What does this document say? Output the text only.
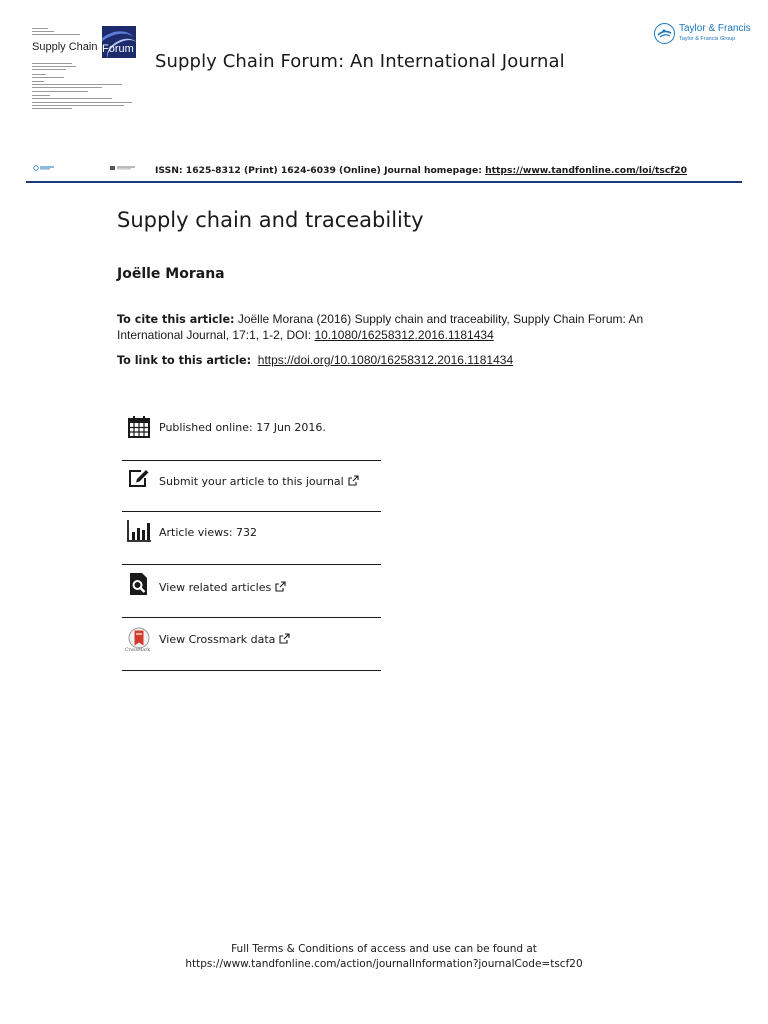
Supply Chain Forum
Supply Chain Forum: An International Journal
Taylor & Francis
Taylor & Francis Group
ISSN: 1625-8312 (Print) 1624-6039 (Online) Journal homepage: https://www.tandfonline.com/loi/tscf20
Supply chain and traceability
Joëlle Morana
To cite this article: Joëlle Morana (2016) Supply chain and traceability, Supply Chain Forum: An
International Journal, 17:1, 1-2, DOI: 10.1080/16258312.2016.1181434
To link to this article: https://doi.org/10.1080/16258312.2016.1181434
Published online: 17 Jun 2016.
Submit your article to this journal
Article views: 732
View related articles
CrossMark
View Crossmark data
Full Terms & Conditions of access and use can be found at
https://www.tandfonline.com/action/journalInformation?journalCode=tscf20
